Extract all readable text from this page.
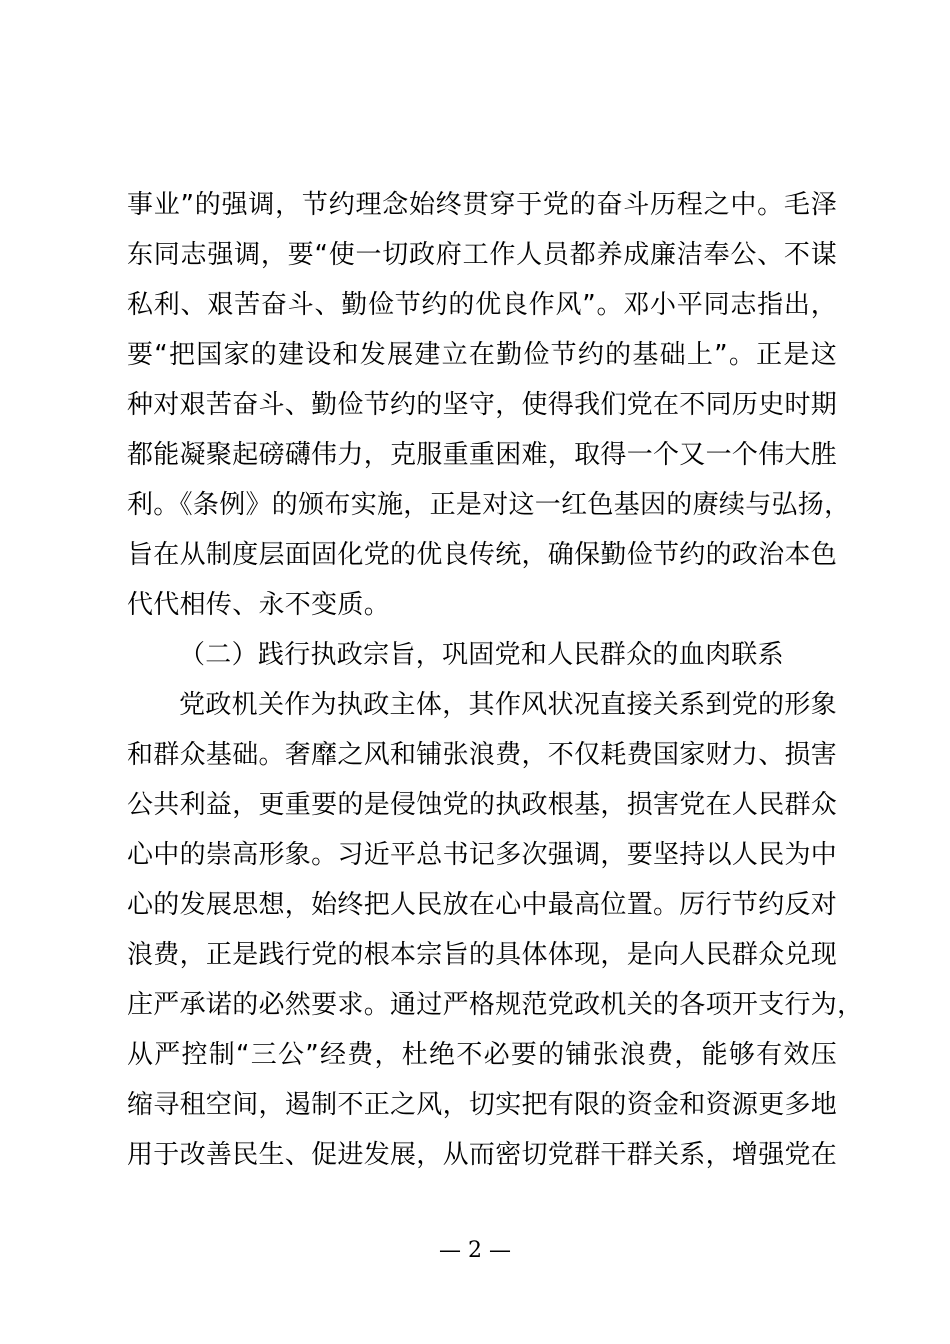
事业”的强调，节约理念始终贯穿于党的奋斗历程之中。毛泽
东同志强调，要“使一切政府工作人员都养成廉洁奉公、不谋
私利、艰苦奋斗、勤俭节约的优良作风”。邓小平同志指出，
要“把国家的建设和发展建立在勤俭节约的基础上”。正是这
种对艰苦奋斗、勤俭节约的坚守，使得我们党在不同历史时期
都能凝聚起磅礴伟力，克服重重困难，取得一个又一个伟大胜
利。《条例》的颁布实施，正是对这一红色基因的赓续与弘扬，
旨在从制度层面固化党的优良传统，确保勤俭节约的政治本色
代代相传、永不变质。
（二）践行执政宗旨，巩固党和人民群众的血肉联系
党政机关作为执政主体，其作风状况直接关系到党的形象
和群众基础。奢靡之风和铺张浪费，不仅耗费国家财力、损害
公共利益，更重要的是侵蚀党的执政根基，损害党在人民群众
心中的崇高形象。习近平总书记多次强调，要坚持以人民为中
心的发展思想，始终把人民放在心中最高位置。厉行节约反对
浪费，正是践行党的根本宗旨的具体体现，是向人民群众兑现
庄严承诺的必然要求。通过严格规范党政机关的各项开支行为，
从严控制“三公”经费，杜绝不必要的铺张浪费，能够有效压
缩寻租空间，遏制不正之风，切实把有限的资金和资源更多地
用于改善民生、促进发展，从而密切党群干群关系，增强党在
— 2 —
